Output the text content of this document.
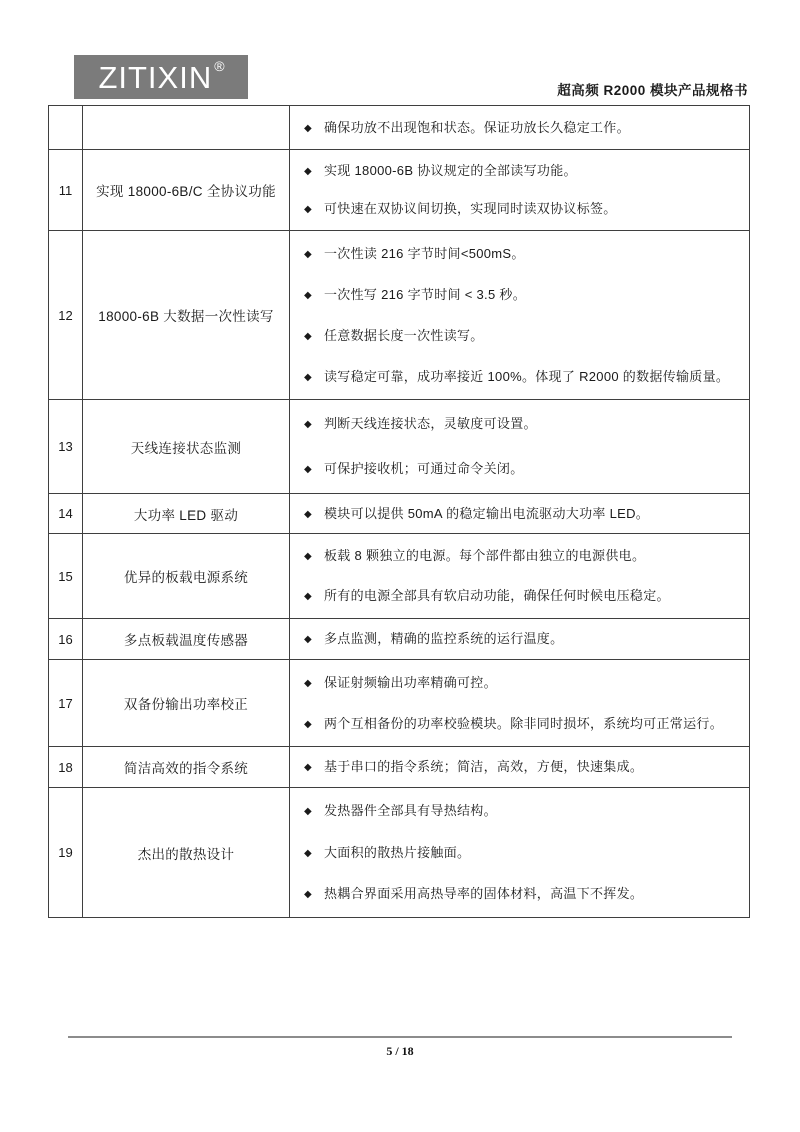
ZITIXIN ®
超高频 R2000 模块产品规格书

		◆ 确保功放不出现饱和状态。保证功放长久稳定工作。

11	实现 18000-6B/C 全协议功能	◆ 实现 18000-6B 协议规定的全部读写功能。
◆ 可快速在双协议间切换，实现同时读双协议标签。

12	18000-6B 大数据一次性读写	
◆ 一次性读 216 字节时间<500mS。
◆ 一次性写 216 字节时间 < 3.5 秒。
◆ 任意数据长度一次性读写。
◆ 读写稳定可靠，成功率接近 100%。体现了 R2000 的数据传输质量。

13	天线连接状态监测	◆ 判断天线连接状态，灵敏度可设置。
◆ 可保护接收机；可通过命令关闭。

14	大功率 LED 驱动	◆ 模块可以提供 50mA 的稳定输出电流驱动大功率 LED。

15	优异的板载电源系统	◆ 板载 8 颗独立的电源。每个部件都由独立的电源供电。
◆ 所有的电源全部具有软启动功能，确保任何时候电压稳定。

16	多点板载温度传感器	◆ 多点监测，精确的监控系统的运行温度。

17	双备份输出功率校正	◆ 保证射频输出功率精确可控。
◆ 两个互相备份的功率校验模块。除非同时损坏，系统均可正常运行。

18	简洁高效的指令系统	◆ 基于串口的指令系统；简洁，高效，方便，快速集成。

19	杰出的散热设计	
◆ 发热器件全部具有导热结构。
◆ 大面积的散热片接触面。
◆ 热耦合界面采用高热导率的固体材料，高温下不挥发。
5 / 18
